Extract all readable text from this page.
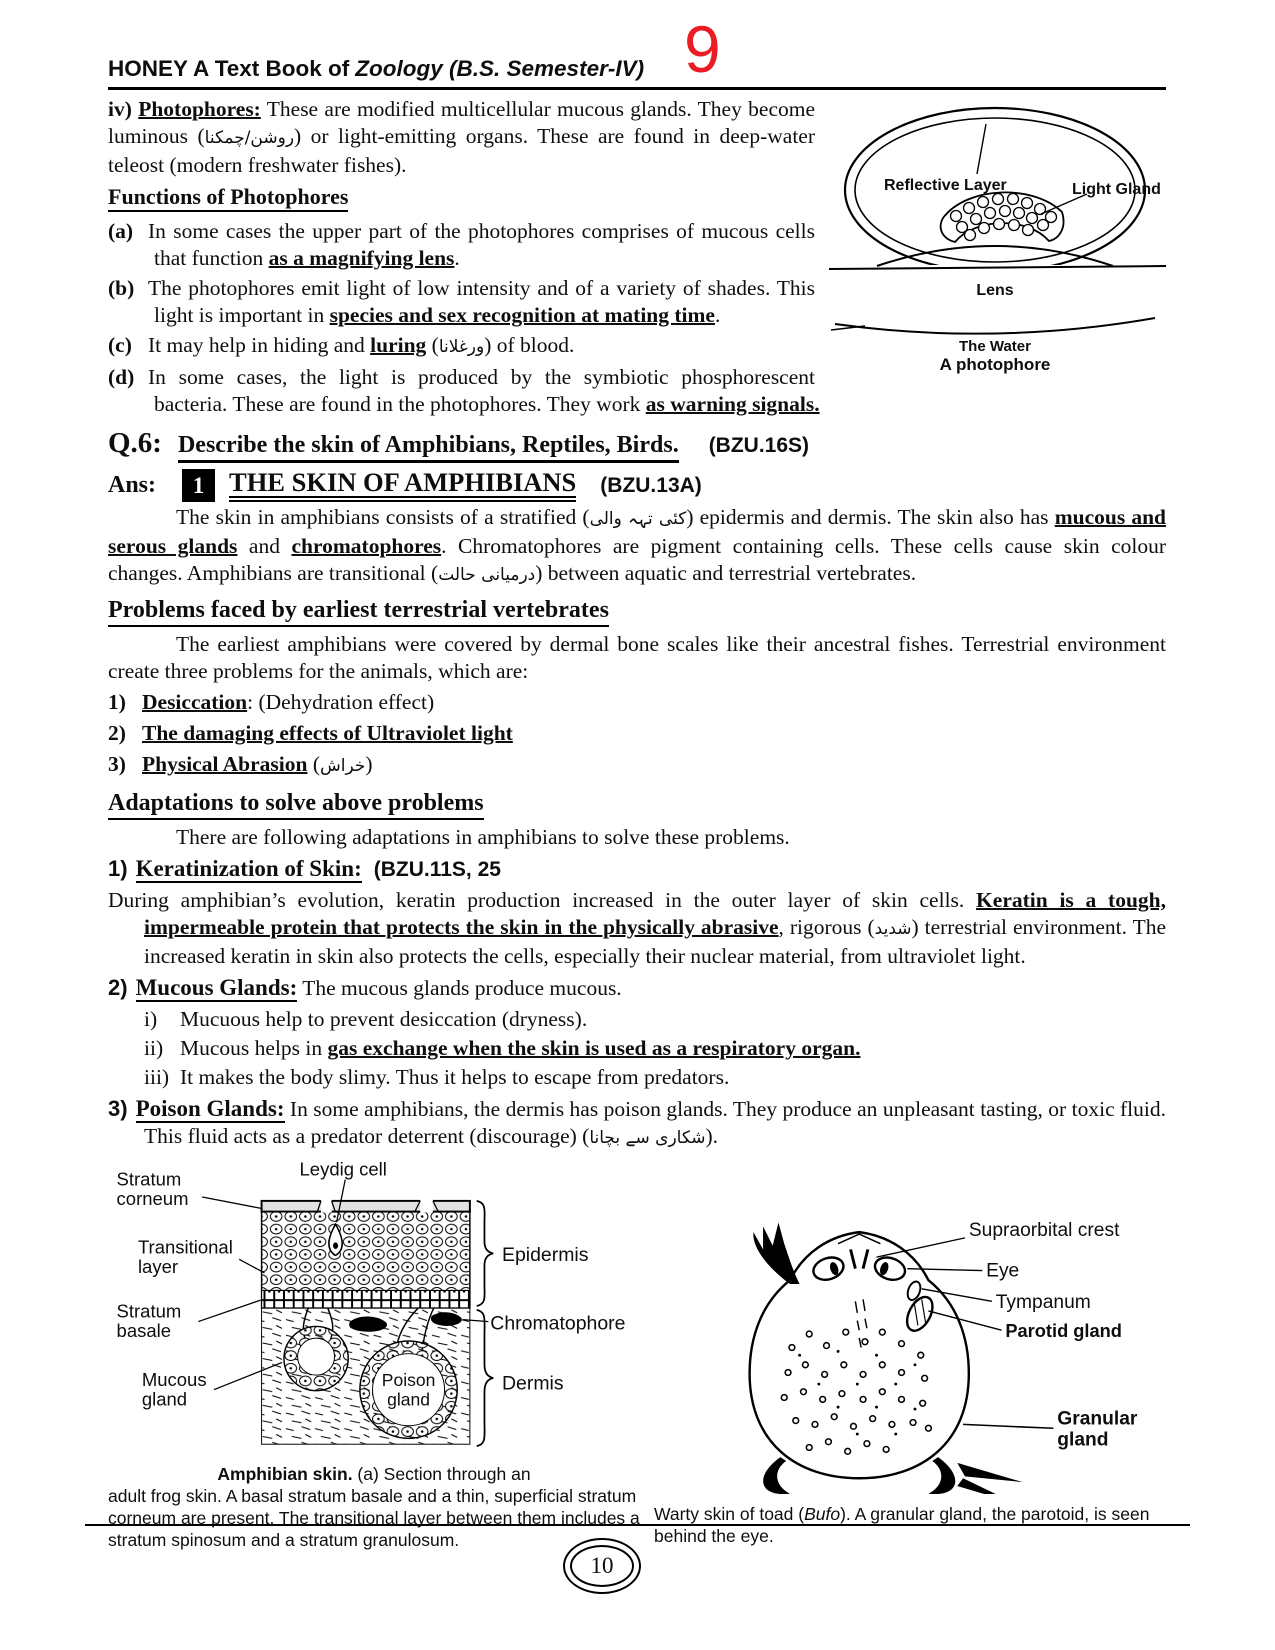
9
HONEY A Text Book of Zoology (B.S. Semester-IV)
Reflective Layer	Light Gland
Lens
The Water
A photophore
iv) Photophores: These are modified multicellular mucous glands. They become luminous (روشن/چمکنا) or light-emitting organs. These are found in deep-water teleost (modern freshwater fishes).
Functions of Photophores
(a) In some cases the upper part of the photophores comprises of mucous cells that function as a magnifying lens.
(b) The photophores emit light of low intensity and of a variety of shades. This light is important in species and sex recognition at mating time.
(c) It may help in hiding and luring (ورغلانا) of blood.
(d) In some cases, the light is produced by the symbiotic phosphorescent bacteria. These are found in the photophores. They work as warning signals.
Q.6: Describe the skin of Amphibians, Reptiles, Birds. (BZU.16S)
Ans:	1 THE SKIN OF AMPHIBIANS (BZU.13A)
The skin in amphibians consists of a stratified (کئی تہہ والی) epidermis and dermis. The skin also has mucous and serous glands and chromatophores. Chromatophores are pigment containing cells. These cells cause skin colour changes. Amphibians are transitional (درمیانی حالت) between aquatic and terrestrial vertebrates.
Problems faced by earliest terrestrial vertebrates
The earliest amphibians were covered by dermal bone scales like their ancestral fishes. Terrestrial environment create three problems for the animals, which are:
1) Desiccation: (Dehydration effect)
2) The damaging effects of Ultraviolet light
3) Physical Abrasion (خراش)
Adaptations to solve above problems
There are following adaptations in amphibians to solve these problems.
1) Keratinization of Skin: (BZU.11S, 25
During amphibian’s evolution, keratin production increased in the outer layer of skin cells. Keratin is a tough, impermeable protein that protects the skin in the physically abrasive, rigorous (شدید) terrestrial environment. The increased keratin in skin also protects the cells, especially their nuclear material, from ultraviolet light.
2) Mucous Glands: The mucous glands produce mucous.
i) Mucuous help to prevent desiccation (dryness).
ii) Mucous helps in gas exchange when the skin is used as a respiratory organ.
iii) It makes the body slimy. Thus it helps to escape from predators.
3) Poison Glands: In some amphibians, the dermis has poison glands. They produce an unpleasant tasting, or toxic fluid. This fluid acts as a predator deterrent (discourage) (شکاری سے بچانا).
Poison
gland
Stratum
corneum
Leydig cell
Transitional
layer
Stratum
basale
Mucous
gland
Epidermis
Chromatophore
Dermis
Amphibian skin. (a) Section through an
adult frog skin. A basal stratum basale and a thin, superficial stratum corneum are present. The transitional layer between them includes a stratum spinosum and a stratum granulosum.
Supraorbital crest
Eye
Tympanum
Parotid gland
Granular
gland
Warty skin of toad (Bufo). A granular gland, the parotoid, is seen behind the eye.
10
